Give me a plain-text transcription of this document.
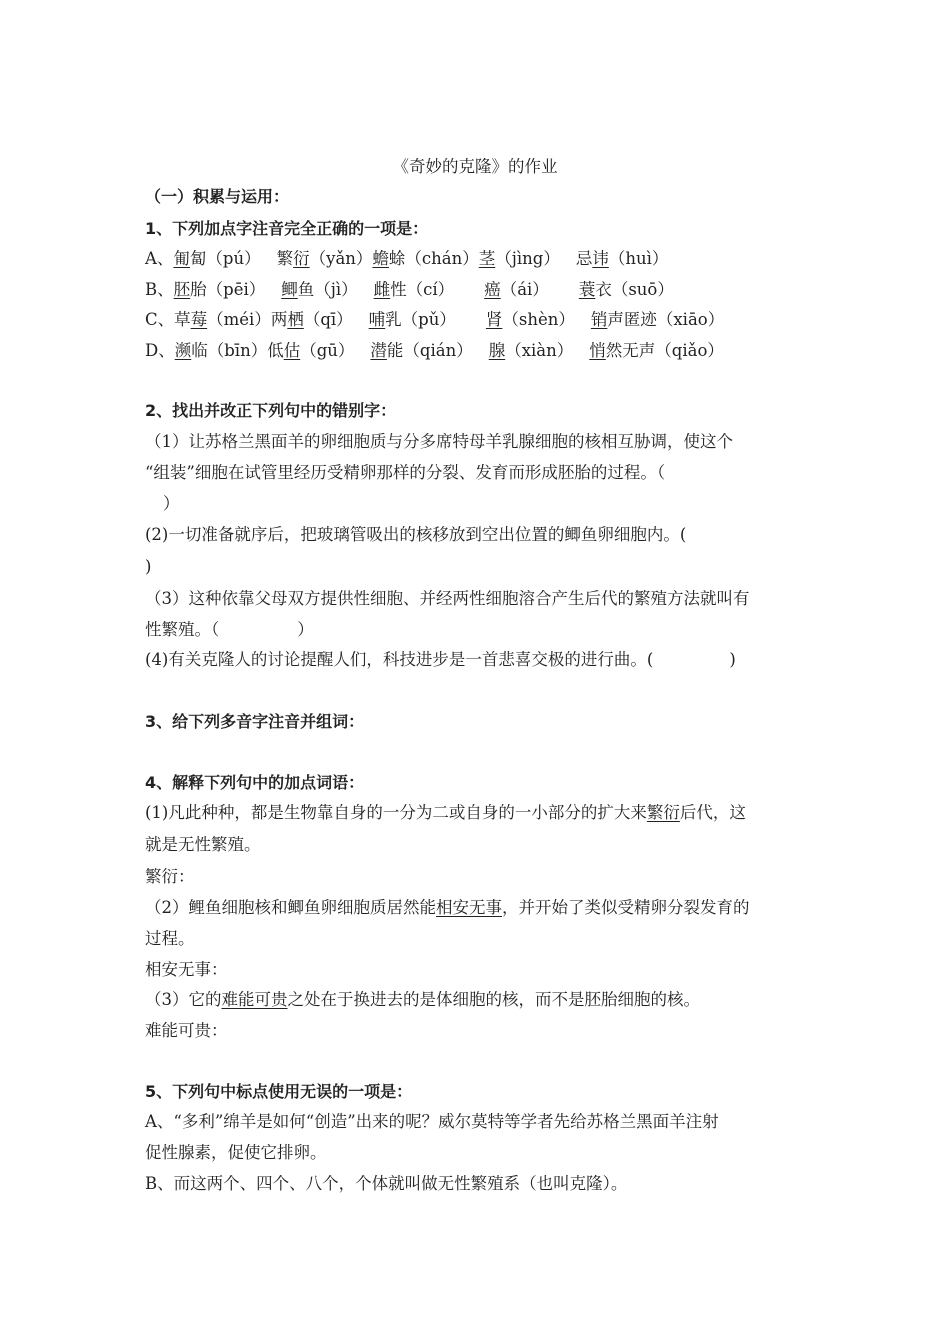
《奇妙的克隆》的作业
（一）积累与运用：
1、下列加点字注音完全正确的一项是：
A、匍匐（pú） 繁衍（yǎn）蟾蜍（chán）茎（jìng） 忌讳（huì）
B、胚胎（pēi） 鲫鱼（jì） 雌性（cí） 癌（ái） 蓑衣（suō）
C、草莓（méi）两栖（qī） 哺乳（pǔ） 肾（shèn） 销声匿迹（xiāo）
D、濒临（bīn）低估（gū） 潜能（qián） 腺（xiàn） 悄然无声（qiǎo）
2、找出并改正下列句中的错别字：
（1）让苏格兰黑面羊的卵细胞质与分多席特母羊乳腺细胞的核相互胁调，使这个
“组装”细胞在试管里经历受精卵那样的分裂、发育而形成胚胎的过程。（
）
(2)一切准备就序后，把玻璃管吸出的核移放到空出位置的鲫鱼卵细胞内。(
)
（3）这种依靠父母双方提供性细胞、并经两性细胞溶合产生后代的繁殖方法就叫有
性繁殖。（	）
(4)有关克隆人的讨论提醒人们，科技进步是一首悲喜交极的进行曲。(	)
3、给下列多音字注音并组词：
4、解释下列句中的加点词语：
(1)凡此种种，都是生物靠自身的一分为二或自身的一小部分的扩大来繁衍后代，这
就是无性繁殖。
繁衍：
（2）鲤鱼细胞核和鲫鱼卵细胞质居然能相安无事，并开始了类似受精卵分裂发育的
过程。
相安无事：
（3）它的难能可贵之处在于换进去的是体细胞的核，而不是胚胎细胞的核。
难能可贵：
5、下列句中标点使用无误的一项是：
A、“多利”绵羊是如何“创造”出来的呢？威尔莫特等学者先给苏格兰黑面羊注射
促性腺素，促使它排卵。
B、而这两个、四个、八个，个体就叫做无性繁殖系（也叫克隆）。
